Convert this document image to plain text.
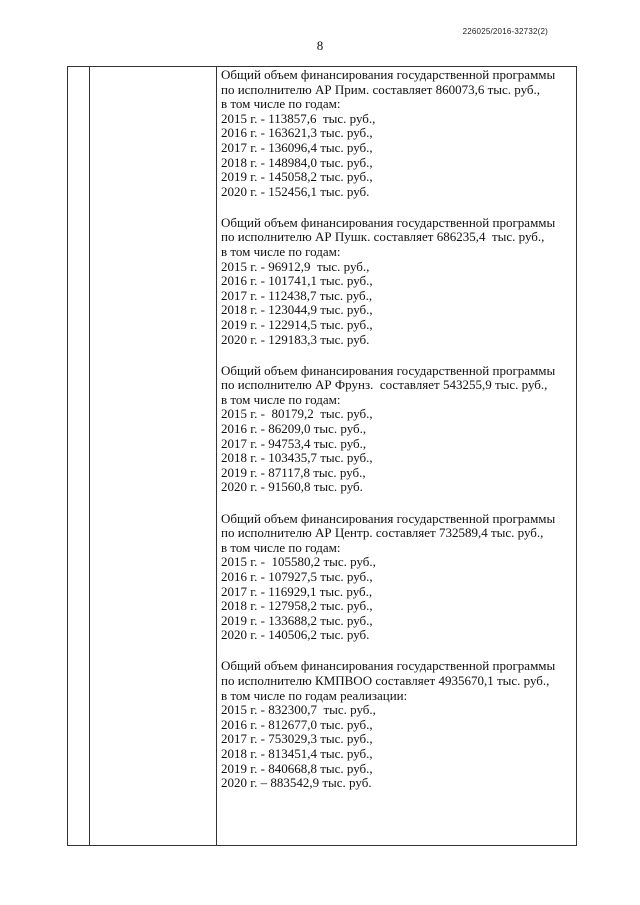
226025/2016-32732(2)
8
Общий объем финансирования государственной программы
по исполнителю АР Прим. составляет 860073,6 тыс. руб.,
в том числе по годам:
2015 г. - 113857,6  тыс. руб.,
2016 г. - 163621,3 тыс. руб.,
2017 г. - 136096,4 тыс. руб.,
2018 г. - 148984,0 тыс. руб.,
2019 г. - 145058,2 тыс. руб.,
2020 г. - 152456,1 тыс. руб.
Общий объем финансирования государственной программы
по исполнителю АР Пушк. составляет 686235,4  тыс. руб.,
в том числе по годам:
2015 г. - 96912,9  тыс. руб.,
2016 г. - 101741,1 тыс. руб.,
2017 г. - 112438,7 тыс. руб.,
2018 г. - 123044,9 тыс. руб.,
2019 г. - 122914,5 тыс. руб.,
2020 г. - 129183,3 тыс. руб.
Общий объем финансирования государственной программы
по исполнителю АР Фрунз.  составляет 543255,9 тыс. руб.,
в том числе по годам:
2015 г. -  80179,2  тыс. руб.,
2016 г. - 86209,0 тыс. руб.,
2017 г. - 94753,4 тыс. руб.,
2018 г. - 103435,7 тыс. руб.,
2019 г. - 87117,8 тыс. руб.,
2020 г. - 91560,8 тыс. руб.
Общий объем финансирования государственной программы
по исполнителю АР Центр. составляет 732589,4 тыс. руб.,
в том числе по годам:
2015 г. -  105580,2 тыс. руб.,
2016 г. - 107927,5 тыс. руб.,
2017 г. - 116929,1 тыс. руб.,
2018 г. - 127958,2 тыс. руб.,
2019 г. - 133688,2 тыс. руб.,
2020 г. - 140506,2 тыс. руб.
Общий объем финансирования государственной программы
по исполнителю КМПВОО составляет 4935670,1 тыс. руб.,
в том числе по годам реализации:
2015 г. - 832300,7  тыс. руб.,
2016 г. - 812677,0 тыс. руб.,
2017 г. - 753029,3 тыс. руб.,
2018 г. - 813451,4 тыс. руб.,
2019 г. - 840668,8 тыс. руб.,
2020 г. – 883542,9 тыс. руб.
